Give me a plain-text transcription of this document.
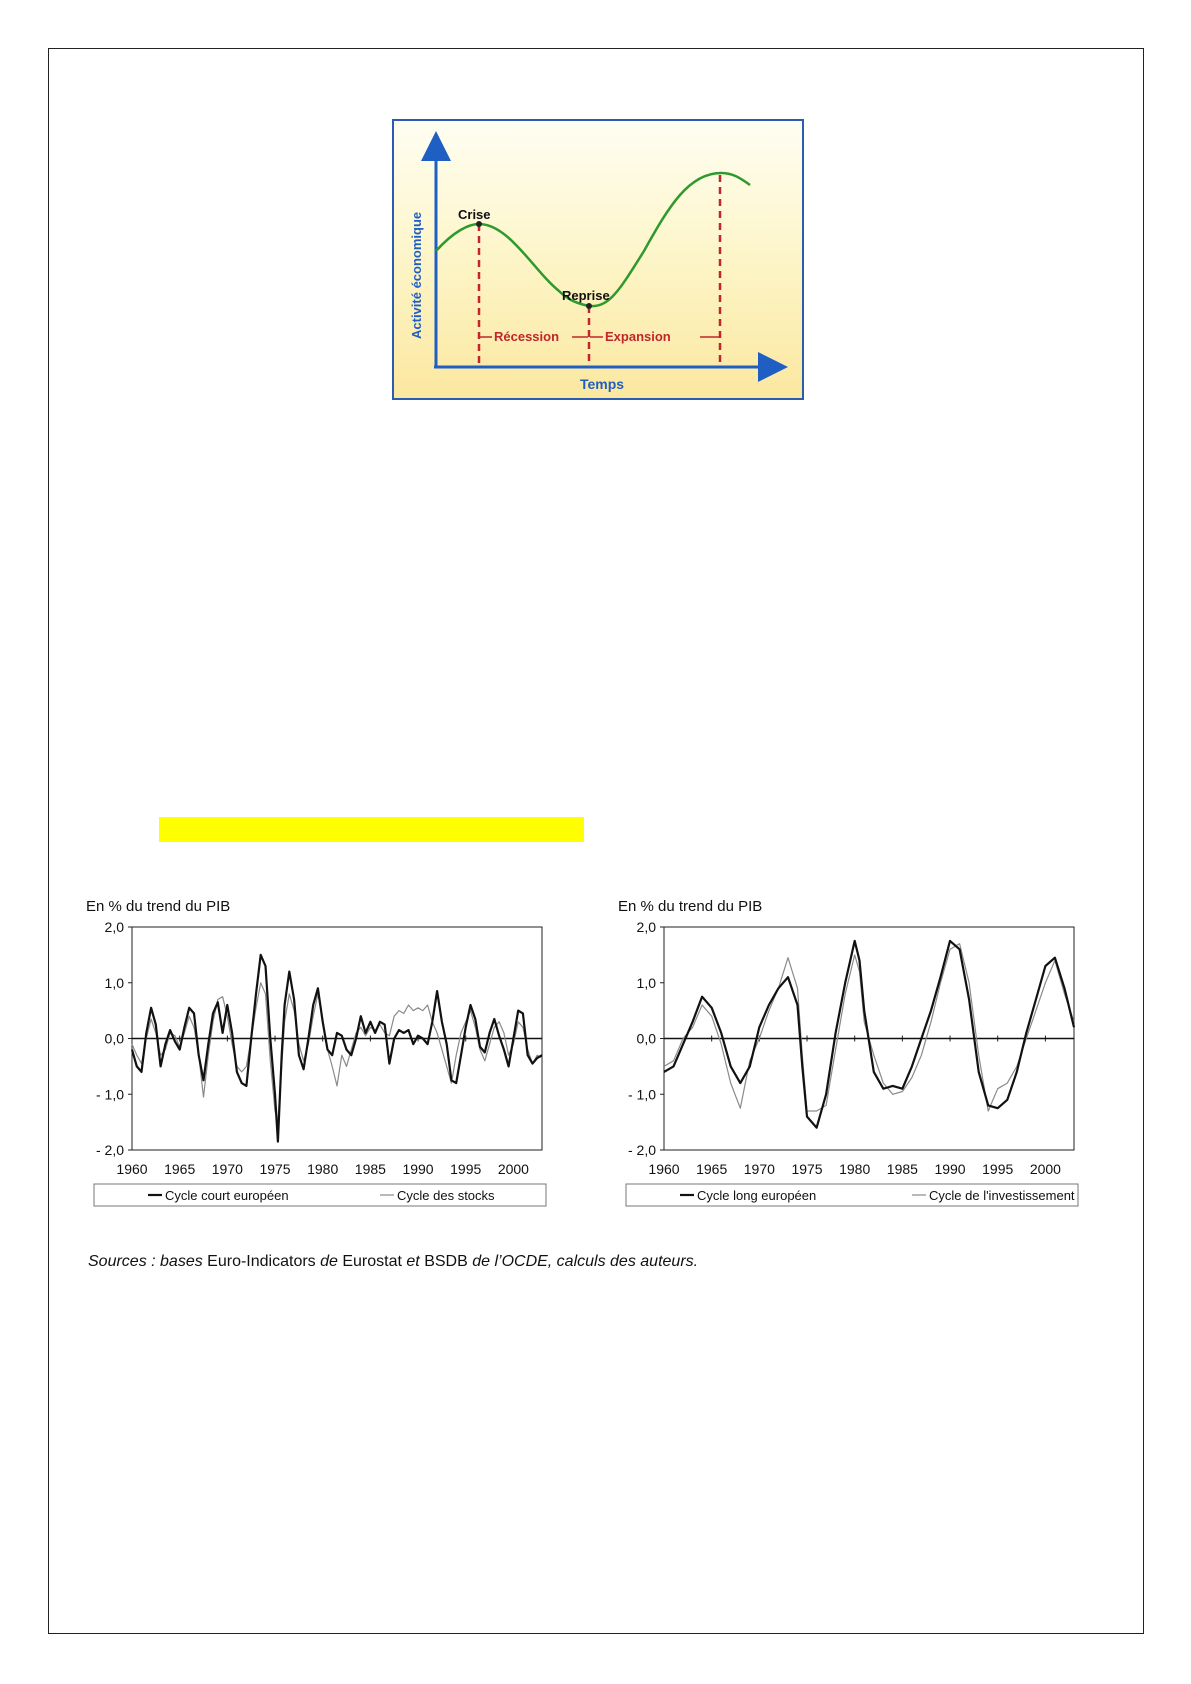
Crise
Reprise
Récession	Expansion
Temps
Activité économique
En % du trend du PIB
2,0
1,0
0,0
- 1,0
- 2,0
1960 1965 1970 1975 1980 1985 1990 1995 2000
Cycle court européen	Cycle des stocks
En % du trend du PIB
2,0
1,0
0,0
- 1,0
- 2,0
1960 1965 1970 1975 1980 1985 1990 1995 2000
Cycle long européen	Cycle de l'investissement
Sources : bases Euro-Indicators de Eurostat et BSDB de l’OCDE, calculs des auteurs.
